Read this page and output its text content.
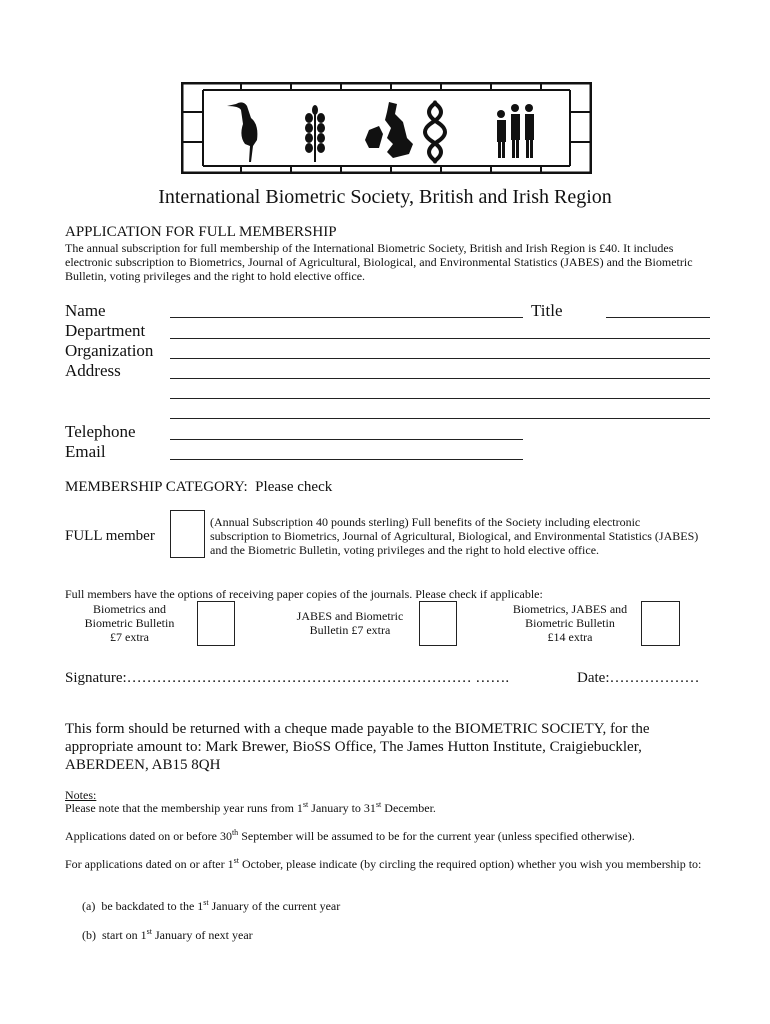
International Biometric Society, British and Irish Region
APPLICATION FOR FULL MEMBERSHIP
The annual subscription for full membership of the International Biometric Society, British and Irish Region is £40. It includes electronic subscription to Biometrics, Journal of Agricultural, Biological, and Environmental Statistics (JABES) and the Biometric Bulletin, voting privileges and the right to hold elective office.
Name	Title
Department
Organization
Address
Telephone
Email
MEMBERSHIP CATEGORY:  Please check
FULL member
(Annual Subscription 40 pounds sterling) Full benefits of the Society including electronic subscription to Biometrics, Journal of Agricultural, Biological, and Environmental Statistics (JABES) and the Biometric Bulletin, voting privileges and the right to hold elective office.
Full members have the options of receiving paper copies of the journals. Please check if applicable:
Biometrics and
Biometric Bulletin
£7 extra
JABES and Biometric
Bulletin £7 extra
Biometrics, JABES and
Biometric Bulletin
£14 extra
Signature:…………………………………………………………… …….	Date:………………
This form should be returned with a cheque made payable to the BIOMETRIC SOCIETY, for the appropriate amount to: Mark Brewer, BioSS Office, The James Hutton Institute, Craigiebuckler, ABERDEEN, AB15 8QH
Notes:
Please note that the membership year runs from 1st January to 31st December.
Applications dated on or before 30th September will be assumed to be for the current year (unless specified otherwise).
For applications dated on or after 1st October, please indicate (by circling the required option) whether you wish you membership to:
(a) be backdated to the 1st January of the current year
(b) start on 1st January of next year
